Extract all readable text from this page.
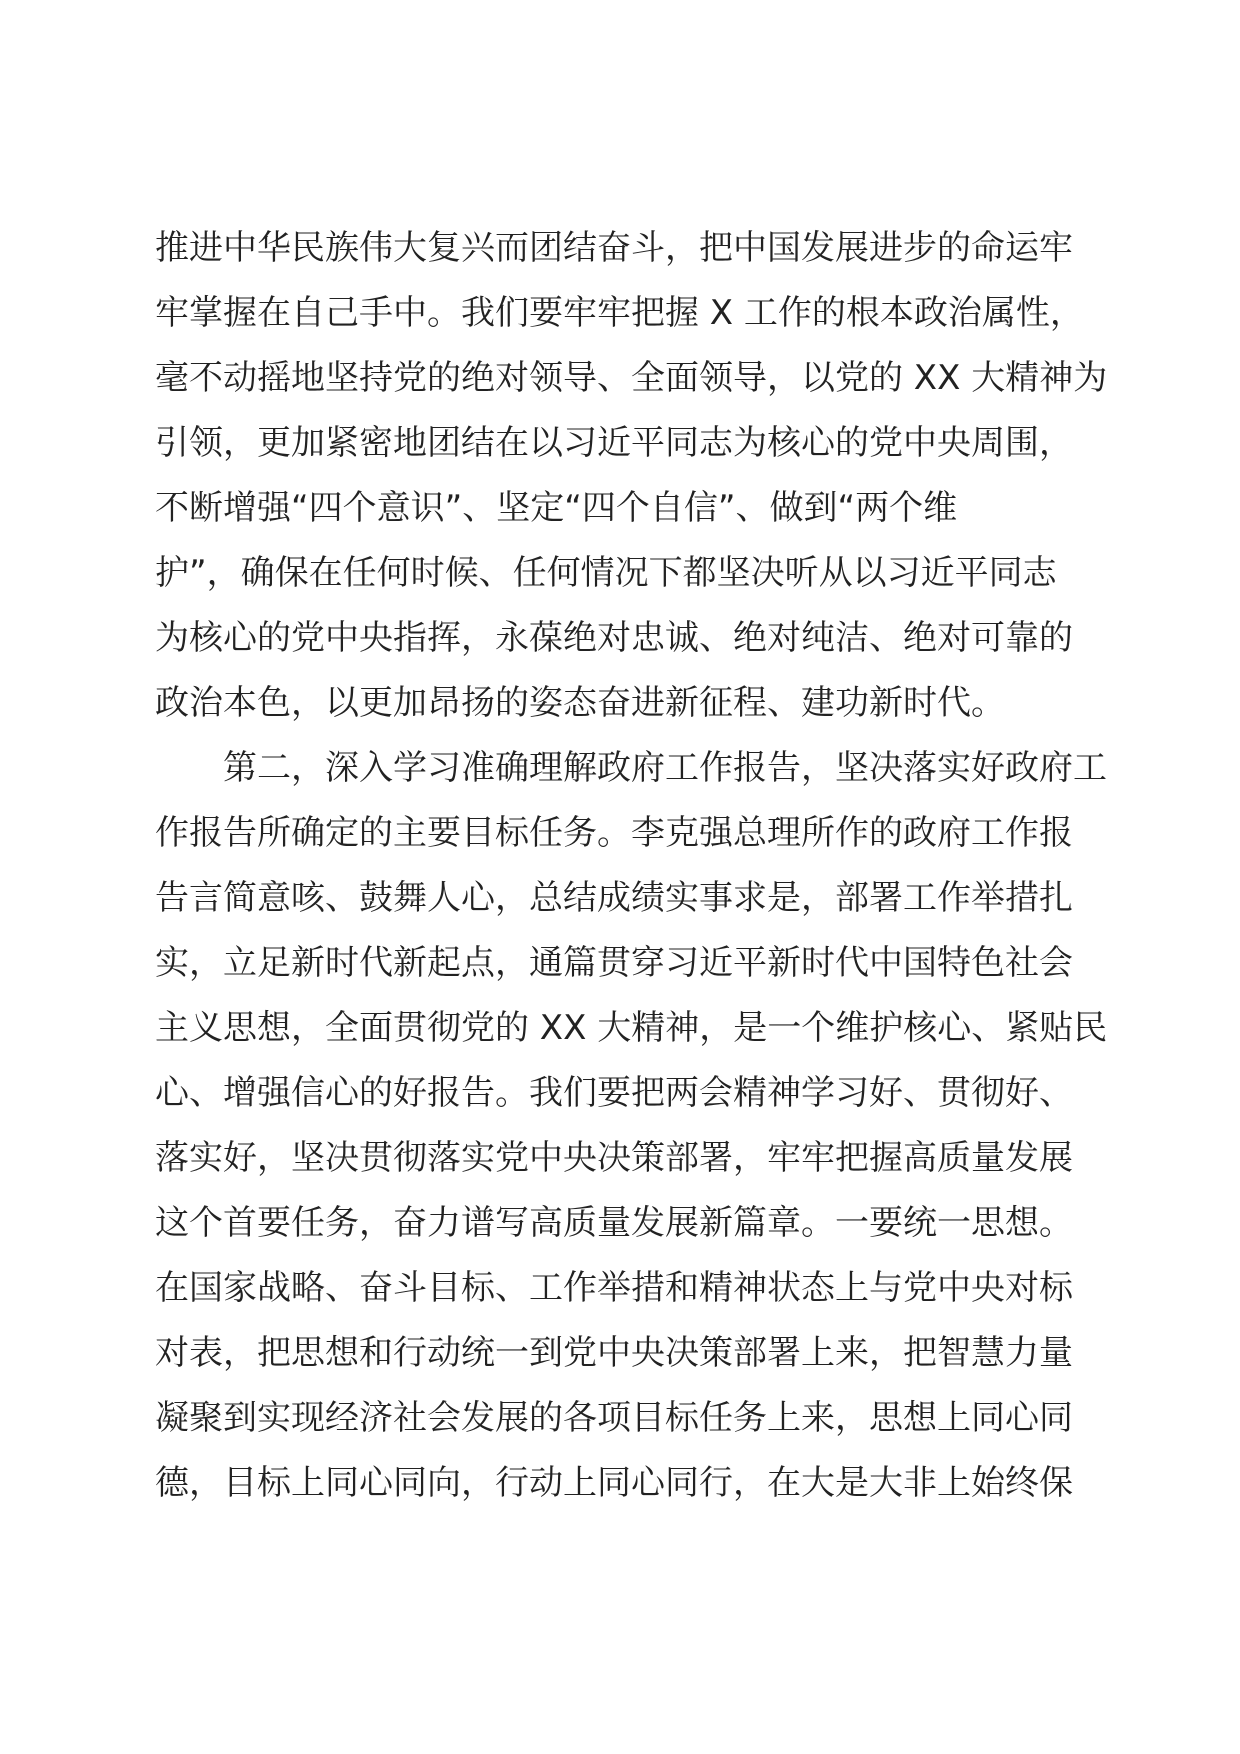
推进中华民族伟大复兴而团结奋斗，把中国发展进步的命运牢
牢掌握在自己手中。我们要牢牢把握 X 工作的根本政治属性，
毫不动摇地坚持党的绝对领导、全面领导，以党的 XX 大精神为
引领，更加紧密地团结在以习近平同志为核心的党中央周围，
不断增强“四个意识”、坚定“四个自信”、做到“两个维
护”，确保在任何时候、任何情况下都坚决听从以习近平同志
为核心的党中央指挥，永葆绝对忠诚、绝对纯洁、绝对可靠的
政治本色，以更加昂扬的姿态奋进新征程、建功新时代。
　　第二，深入学习准确理解政府工作报告，坚决落实好政府工
作报告所确定的主要目标任务。李克强总理所作的政府工作报
告言简意咳、鼓舞人心，总结成绩实事求是，部署工作举措扎
实，立足新时代新起点，通篇贯穿习近平新时代中国特色社会
主义思想，全面贯彻党的 XX 大精神，是一个维护核心、紧贴民
心、增强信心的好报告。我们要把两会精神学习好、贯彻好、
落实好，坚决贯彻落实党中央决策部署，牢牢把握高质量发展
这个首要任务，奋力谱写高质量发展新篇章。一要统一思想。
在国家战略、奋斗目标、工作举措和精神状态上与党中央对标
对表，把思想和行动统一到党中央决策部署上来，把智慧力量
凝聚到实现经济社会发展的各项目标任务上来，思想上同心同
德，目标上同心同向，行动上同心同行，在大是大非上始终保
